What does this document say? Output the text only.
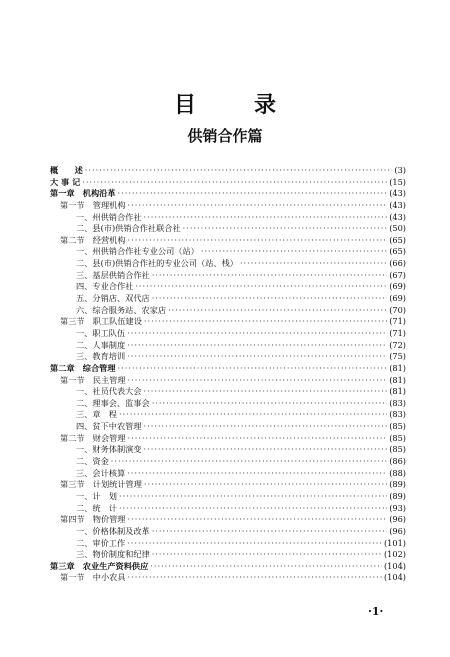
目　录
供销合作篇
概　　述 ·····	(3)
大 事 记 ·····	(15)
第一章　机构沿革 ·····	(43)
第一节　管理机构 ·····	(43)
一、州供销合作社 ·····	(43)
二、县(市)供销合作社联合社 ·····	(50)
第二节　经营机构 ·····	(65)
一、州供销合作社专业公司（站） ·····	(65)
二、县(市)供销合作社的专业公司（站、栈） ·····	(66)
三、基层供销合作社 ·····	(67)
四、专业合作社 ·····	(69)
五、分销店、双代店 ·····	(69)
六、综合服务站、农家店 ·····	(70)
第三节　职工队伍建设 ·····	(71)
一、职工队伍 ·····	(71)
二、人事制度 ·····	(72)
三、教育培训 ·····	(75)
第二章　综合管理 ·····	(81)
第一节　民主管理 ·····	(81)
一、社员代表大会 ·····	(81)
二、理事会、监事会 ·····	(83)
三、章　程 ·····	(83)
四、贫下中农管理 ·····	(85)
第二节　财会管理 ·····	(85)
一、财务体制演变 ·····	(85)
二、资金 ·····	(86)
三、会计核算 ·····	(88)
第三节　计划统计管理 ·····	(89)
一、计　划 ·····	(89)
二、统　计 ·····	(93)
第四节　物价管理 ·····	(96)
一、价格体制及改革 ·····	(96)
二、审价工作 ·····	(101)
三、物价制度和纪律 ·····	(102)
第三章　农业生产资料供应 ·····	(104)
第一节　中小农具 ·····	(104)
·1·
